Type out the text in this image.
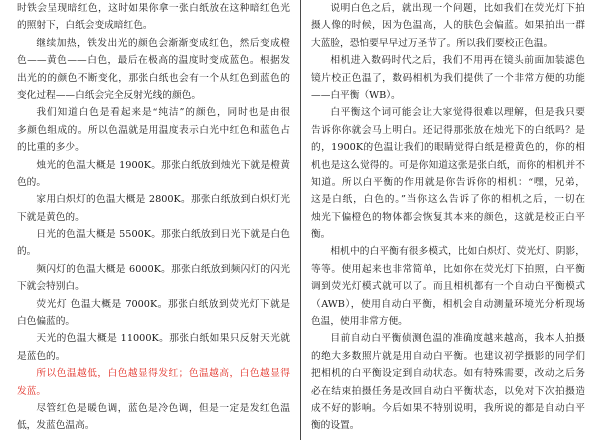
时铁会呈现暗红色，这时如果你拿一张白纸放在这种暗红色光
的照射下，白纸会变成暗红色。
继续加热，铁发出光的颜色会渐渐变成红色，然后变成橙
色——黄色——白色，最后在极高的温度时变成蓝色。根据发
出光的的颜色不断变化，那张白纸也会有一个从红色到蓝色的
变化过程——白纸会完全反射光线的颜色。
我们知道白色是看起来是“纯洁”的颜色，同时也是由很
多颜色组成的。所以色温就是用温度表示白光中红色和蓝色占
的比重的多少。
烛光的色温大概是 1900K。那张白纸放到烛光下就是橙黄
色的。
家用白炽灯的色温大概是 2800K。那张白纸放到白炽灯光
下就是黄色的。
日光的色温大概是 5500K。那张白纸放到日光下就是白色
的。
频闪灯的色温大概是 6000K。那张白纸放到频闪灯的闪光
下就会特别白。
荧光灯 色温大概是 7000K。那张白纸放到荧光灯下就是
白色偏蓝的。
天光的色温大概是 11000K。那张白纸如果只反射天光就
是蓝色的。
所以色温越低，白色越显得发红；色温越高，白色越显得
发蓝。
尽管红色是暖色调，蓝色是冷色调，但是一定是发红色温
低，发蓝色温高。
说明白色之后，就出现一个问题，比如我们在荧光灯下拍
摄人像的时候，因为色温高，人的肤色会偏蓝。如果拍出一群
大蓝脸，恐怕要早早过万圣节了。所以我们要校正色温。
相机进入数码时代之后，我们不用再在镜头前面加装滤色
镜片校正色温了，数码相机为我们提供了一个非常方便的功能
——白平衡（WB）。
白平衡这个词可能会让大家觉得很难以理解，但是我只要
告诉你你就会马上明白。还记得那张放在烛光下的白纸吗？是
的，1900K的色温让我们的眼睛觉得白纸是橙黄色的，你的相
机也是这么觉得的。可是你知道这张是张白纸，而你的相机并不
知道。所以白平衡的作用就是你告诉你的相机：“嘿，兄弟，
这是白纸，白色的。”当你这么告诉了你的相机之后，一切在
烛光下偏橙色的物体都会恢复其本来的颜色，这就是校正白平
衡。
相机中的白平衡有很多模式，比如白炽灯、荧光灯、阴影，
等等。使用起来也非常简单，比如你在荧光灯下拍照，白平衡
调到荧光灯模式就可以了。而且相机都有一个自动白平衡模式
（AWB），使用自动白平衡，相机会自动测量环境光分析现场
色温，使用非常方便。
目前自动白平衡侦测色温的准确度越来越高，我本人拍摄
的绝大多数照片就是用自动白平衡。也建议初学摄影的同学们
把相机的白平衡设定到自动状态。如有特殊需要，改动之后务
必在结束拍摄任务是改回自动白平衡状态，以免对下次拍摄造
成不好的影响。今后如果不特别说明，我所说的都是自动白平
衡的设置。
